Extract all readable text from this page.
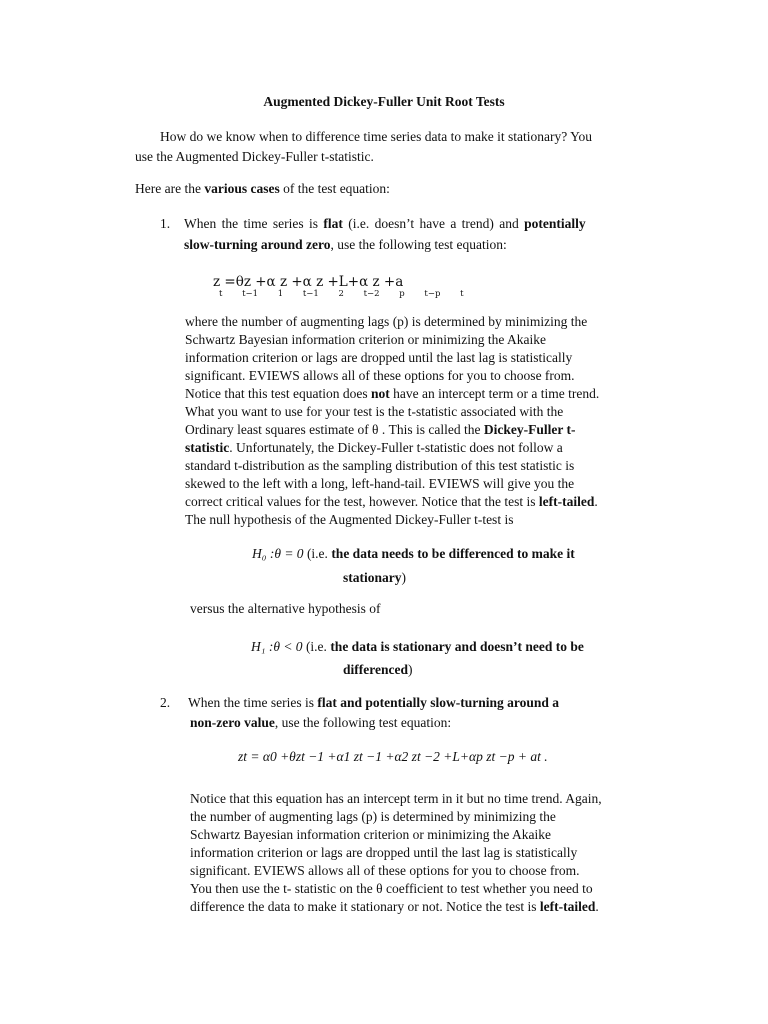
Augmented Dickey-Fuller Unit Root Tests
How do we know when to difference time series data to make it stationary? You
use the Augmented Dickey-Fuller t-statistic.
Here are the various cases of the test equation:
1. When the time series is flat (i.e. doesn’t have a trend) and potentially
slow-turning around zero, use the following test equation:
z =θz +α z +α z +L+α z +a
t t−1 1 t−1 2 t−2 p t−p t
where the number of augmenting lags (p) is determined by minimizing the
Schwartz Bayesian information criterion or minimizing the Akaike
information criterion or lags are dropped until the last lag is statistically
significant. EVIEWS allows all of these options for you to choose from.
Notice that this test equation does not have an intercept term or a time trend.
What you want to use for your test is the t-statistic associated with the
Ordinary least squares estimate of θ . This is called the Dickey-Fuller t-
statistic. Unfortunately, the Dickey-Fuller t-statistic does not follow a
standard t-distribution as the sampling distribution of this test statistic is
skewed to the left with a long, left-hand-tail. EVIEWS will give you the
correct critical values for the test, however. Notice that the test is left-tailed.
The null hypothesis of the Augmented Dickey-Fuller t-test is
H₀ :θ = 0 (i.e. the data needs to be differenced to make it
stationary)
versus the alternative hypothesis of
H₁ :θ < 0 (i.e. the data is stationary and doesn’t need to be
differenced)
2. When the time series is flat and potentially slow-turning around a
non-zero value, use the following test equation:
zt = α0 +θzt −1 +α1 zt −1 +α2 zt −2 +L+αp zt −p + at .
Notice that this equation has an intercept term in it but no time trend. Again,
the number of augmenting lags (p) is determined by minimizing the
Schwartz Bayesian information criterion or minimizing the Akaike
information criterion or lags are dropped until the last lag is statistically
significant. EVIEWS allows all of these options for you to choose from.
You then use the t- statistic on the θ coefficient to test whether you need to
difference the data to make it stationary or not. Notice the test is left-tailed.
